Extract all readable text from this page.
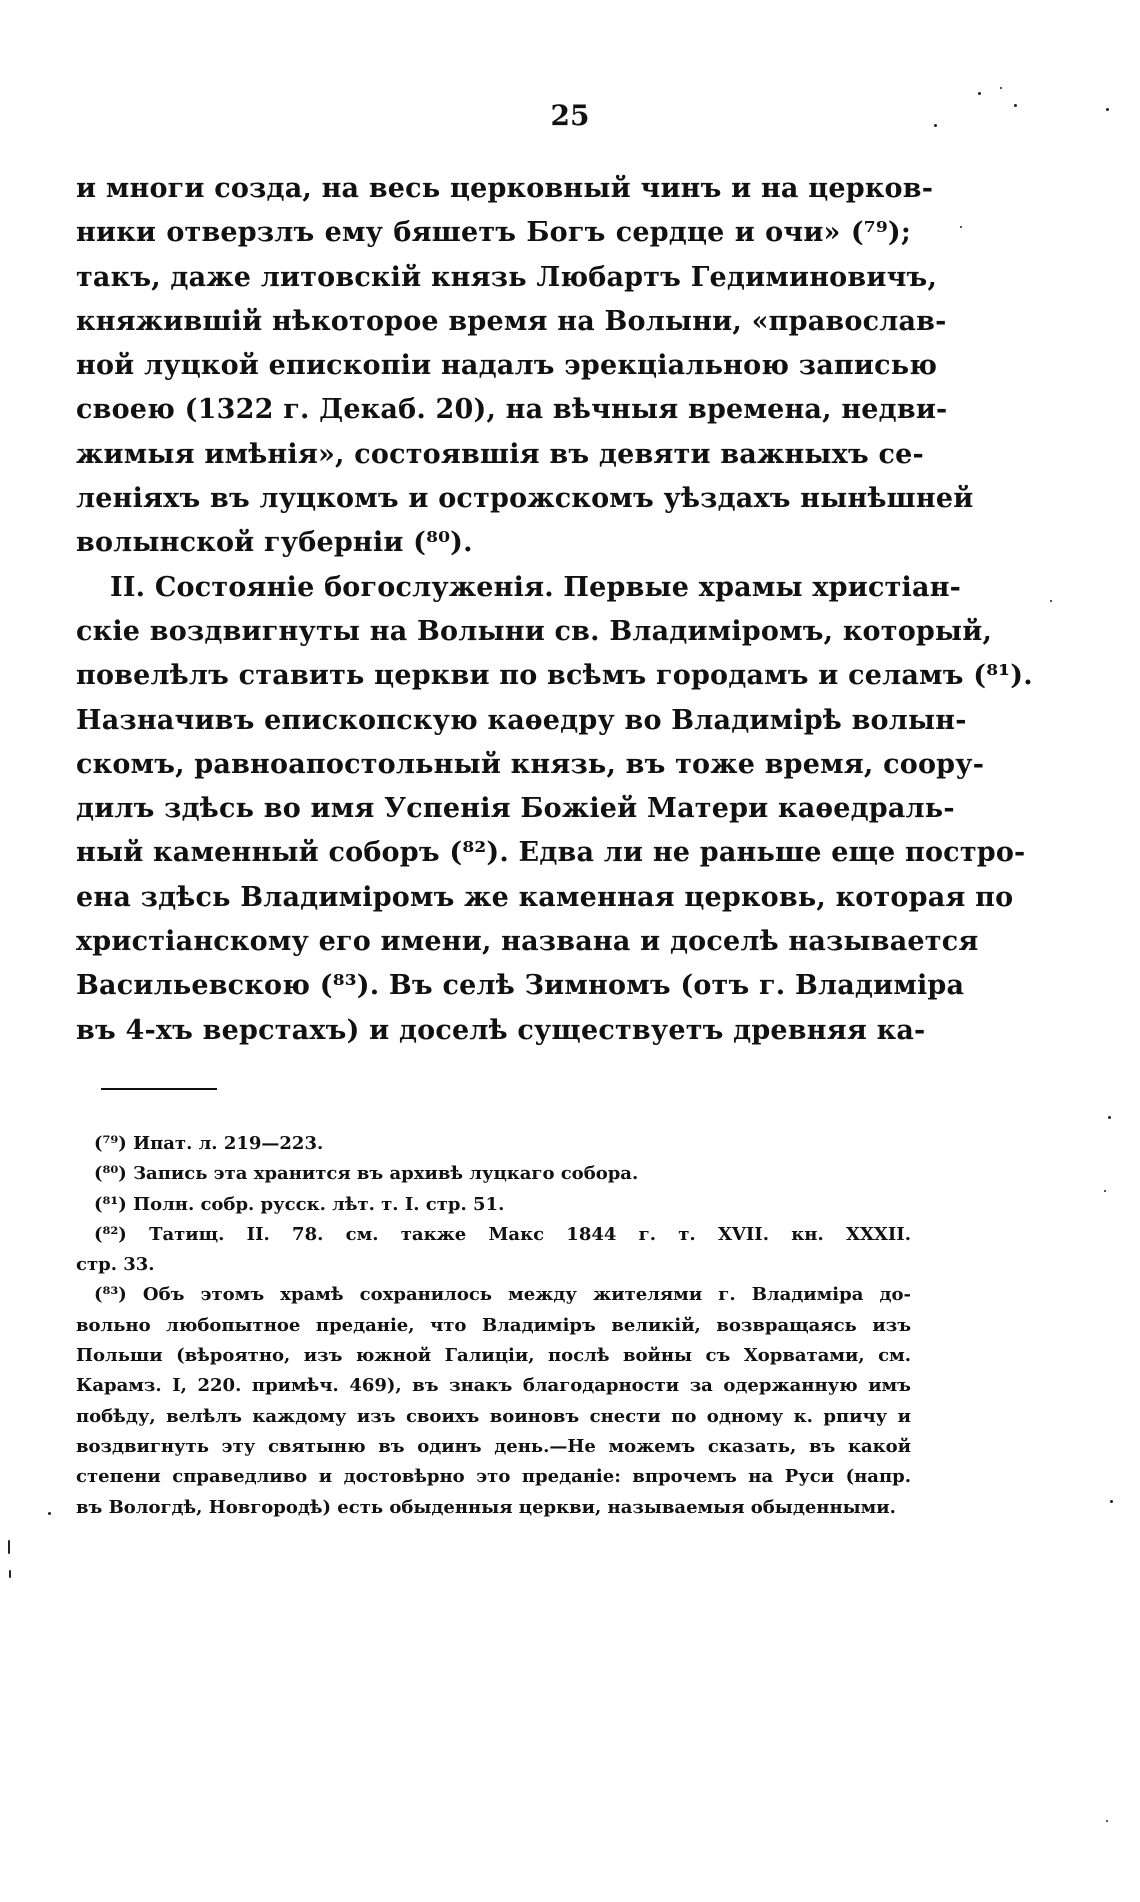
25
и многи созда, на весь церковный чинъ и на церков-
ники отверзлъ ему бяшетъ Богъ сердце и очи» (⁷⁹);
такъ, даже литовскій князь Любартъ Гедиминовичъ,
княжившій нѣкоторое время на Волыни, «православ-
ной луцкой епископіи надалъ эрекціальною записью
своею (1322 г. Декаб. 20), на вѣчныя времена, недви-
жимыя имѣнія», состоявшія въ девяти важныхъ се-
леніяхъ въ луцкомъ и острожскомъ уѣздахъ нынѣшней
волынской губерніи (⁸⁰).
II. Состояніе богослуженія. Первые храмы христіан-
скіе воздвигнуты на Волыни св. Владиміромъ, который,
повелѣлъ ставить церкви по всѣмъ городамъ и селамъ (⁸¹).
Назначивъ епископскую каѳедру во Владимірѣ волын-
скомъ, равноапостольный князь, въ тоже время, соору-
дилъ здѣсь во имя Успенія Божіей Матери каѳедраль-
ный каменный соборъ (⁸²). Едва ли не раньше еще постро-
ена здѣсь Владиміромъ же каменная церковь, которая по
христіанскому его имени, названа и доселѣ называется
Васильевскою (⁸³). Въ селѣ Зимномъ (отъ г. Владиміра
въ 4-хъ верстахъ) и доселѣ существуетъ древняя ка-
(⁷⁹) Ипат. л. 219—223.
(⁸⁰) Запись эта хранится въ архивѣ луцкаго собора.
(⁸¹) Полн. собр. русск. лѣт. т. I. стр. 51.
(⁸²) Татищ. II. 78. см. также Макс 1844 г. т. XVII. кн. XXXII.
стр. 33.
(⁸³) Объ этомъ храмѣ сохранилось между жителями г. Владиміра до-
вольно любопытное преданіе, что Владиміръ великій, возвращаясь изъ
Польши (вѣроятно, изъ южной Галиціи, послѣ войны съ Хорватами, см.
Карамз. I, 220. примѣч. 469), въ знакъ благодарности за одержанную имъ
побѣду, велѣлъ каждому изъ своихъ воиновъ снести по одному к. рпичу и
воздвигнуть эту святыню въ одинъ день.—Не можемъ сказать, въ какой
степени справедливо и достовѣрно это преданіе: впрочемъ на Руси (напр.
въ Вологдѣ, Новгородѣ) есть обыденныя церкви, называемыя обыденными.
